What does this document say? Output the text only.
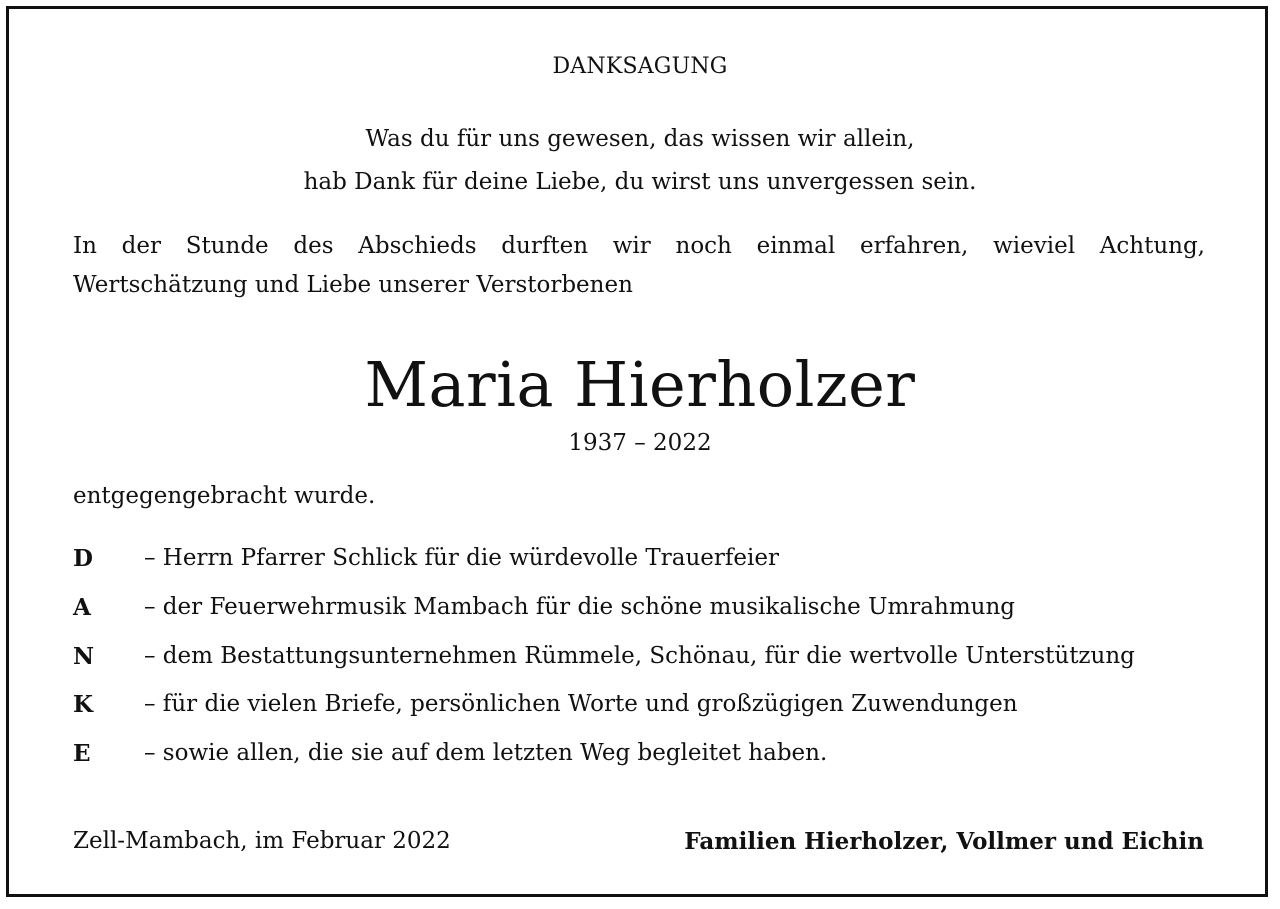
DANKSAGUNG
Was du für uns gewesen, das wissen wir allein,
hab Dank für deine Liebe, du wirst uns unvergessen sein.
In der Stunde des Abschieds durften wir noch einmal erfahren, wieviel Achtung,
Wertschätzung und Liebe unserer Verstorbenen
Maria Hierholzer
1937 – 2022
entgegengebracht wurde.
D	– Herrn Pfarrer Schlick für die würdevolle Trauerfeier
A	– der Feuerwehrmusik Mambach für die schöne musikalische Umrahmung
N	– dem Bestattungsunternehmen Rümmele, Schönau, für die wertvolle Unterstützung
K	– für die vielen Briefe, persönlichen Worte und großzügigen Zuwendungen
E	– sowie allen, die sie auf dem letzten Weg begleitet haben.
Zell-Mambach, im Februar 2022	Familien Hierholzer, Vollmer und Eichin
